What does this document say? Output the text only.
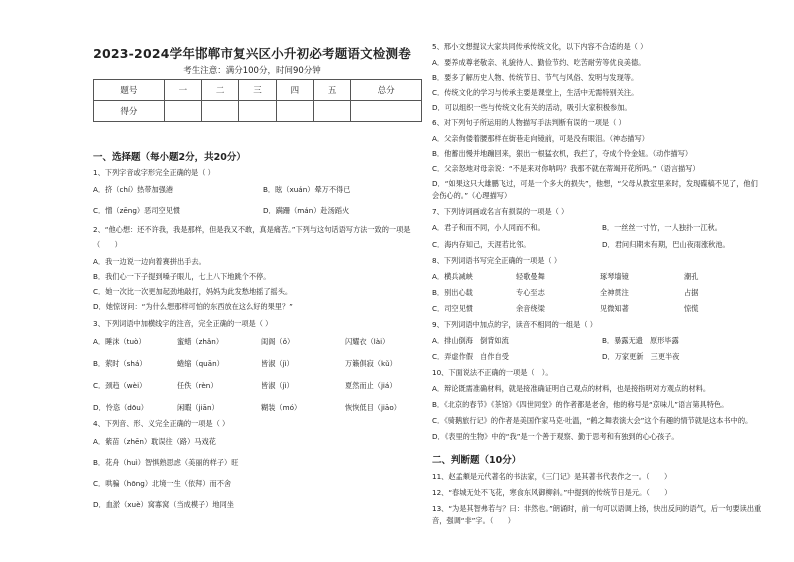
2023-2024学年邯郸市复兴区小升初必考题语文检测卷
考生注意：满分100分，时间90分钟
题号	一	二	三	四	五	总分
得分						
一、选择题（每小题2分，共20分）
1、下列字音或字形完全正确的是（ ）
A．挤（chí）热带加强港	B．眩（xuán）晕万不得已
C．憎（zēng）恶司空见惯	D．蹒跚（mán）赴汤蹈火
2、“他心想：还不许我，我是那样，但是我又不敢，真是痛苦。”下列与这句话语写方法一致的一项是
（　　）
A．我一边说一边向着赛拼出手去。
B．我们心一下子提到嗓子眼儿，七上八下地跳个不停。
C．她一次比一次更加起劲地敲打，妈妈为此发愁地摇了摇头。
D．她惊讶问：“为什么想那样可怕的东西放在这么好的果里？”
3、下列词语中加横线字的注音，完全正确的一项是（ ）
A．睡沫（tuò）	蜜蜡（zhǎn）	闺阁（ǒ）	闪耀衣（lài）
B．萦时（shá）	蜷缩（quān）	皆淑（jì）	万籁俱寂（kǔ）
C．颈趋（wèi）	任佚（rèn）	皆淑（jì）	夏然而止（jiá）
D．怜恣（dōu）	闲暇（jiān）	糊装（mó）	恢恢低目（jiāo）
4、下列音、形、义完全正确的一项是（ ）
A．紫苗（zhēn）耽误往（路）马戏花
B．花舟（huì）智惧熟思虑（美丽的样子）旺
C．哄骗（hōng）北境一生（依拜）而不舍
D．血淤（xuè）窝寡窝（当成模子）地同坐
5、邢小文想提议大家共同传承传统文化，以下内容不合适的是（ ）
A．要养成尊老敬亲、礼貌待人、勤俭节约、吃苦耐劳等优良美德。
B．要多了解历史人物、传统节日、节气与风俗、发明与发现等。
C．传统文化的学习与传承主要是课堂上，生活中无需特别关注。
D．可以组织一些与传统文化有关的活动，吸引大家积极参加。
6、对下列句子所运用的人物描写手法判断有误的一项是（ ）
A．父亲佝偻着腰那样在街巷走向镜前，可是没有眼泪。（神态描写）
B．他蓄出慢并地蹦回来，狠出一根猛衣机，我拦了，夺成个伶金妞。（动作描写）
C．父亲怒地对母亲说：“不是来对你呐吗？我那不就在蒂竭开花所吗。”（语言描写）
D．“如果这只大雄鹏飞过，可是一个多大的损失”，他想，“父母从教室里来时，发现碟稿不见了，他们
会伤心的。”（心理描写）
7、下列诗词画或名言有损误的一项是（ ）
A．君子和而不同，小人同而不和。	B．一丝丝一寸竹，一人独扑一江秋。
C．海内存知己，天涯若比邻。	D．君问归期未有期，巴山夜雨涨秋池。
8、下列词语书写完全正确的一项是（ ）
A．横兵减峡	轻歌曼舞	琢琴墙镜	潮孔
B．别出心载	专心至志	全神贯注	占据
C．司空见惯	余音绕梁	见微知著	惊慌
9、下列词语中加点的字，读音不相同的一组是（ ）
A．排山倒海　倒背如流	B．暴露无遗　原形毕露
C．弄虚作假　自作自受	D．万家更新　三更半夜
10、下面说法不正确的一项是（　）。
A．辩论既需准确材料，就是接准确证明自己观点的材料，也是接指明对方观点的材料。
B．《北京的春节》《茶馆》《四世同堂》的作者都是老舍，他的称号是“京味儿”语言第具特色。
C．《骑鹅旅行记》的作者是美国作家马克·吐温，“鹤之舞表演大会”这个有趣的情节就是这本书中的。
D．《表里的生物》中的“我”是一个善于观察、勤于思考和有独到的心心孩子。
二、判断题（10分）
11、赵孟頫是元代著名的书法家，《三门记》是其著书代表作之一。（　　）
12、“春城无处不飞花，寒食东风御柳斜。”中提到的传统节日是元。（　　）
13、“为是其智弗若与？曰：非然也。”朗诵时，前一句可以语调上扬，快出反问的语气，后一句要读出重
音，强调“非”字。（　　）
